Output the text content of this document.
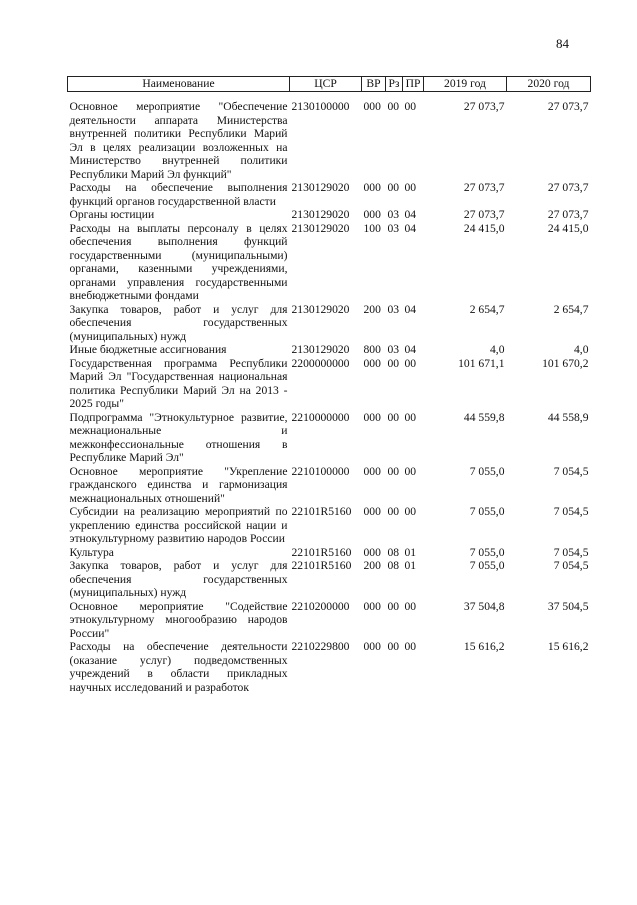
84
Наименование	ЦСР	ВР	Рз	ПР	2019 год	2020 год

Основное мероприятие "Обеспечение деятельности аппарата Министерства внутренней политики Республики Марий Эл в целях реализации возложенных на Министерство внутренней политики Республики Марий Эл функций"	2130100000	000	00	00	27 073,7	27 073,7
Расходы на обеспечение выполнения функций органов государственной власти	2130129020	000	00	00	27 073,7	27 073,7
Органы юстиции	2130129020	000	03	04	27 073,7	27 073,7
Расходы на выплаты персоналу в целях обеспечения выполнения функций государственными (муниципальными) органами, казенными учреждениями, органами управления государственными внебюджетными фондами	2130129020	100	03	04	24 415,0	24 415,0
Закупка товаров, работ и услуг для обеспечения государственных (муниципальных) нужд	2130129020	200	03	04	2 654,7	2 654,7
Иные бюджетные ассигнования	2130129020	800	03	04	4,0	4,0
Государственная программа Республики Марий Эл "Государственная национальная политика Республики Марий Эл на 2013 - 2025 годы"	2200000000	000	00	00	101 671,1	101 670,2
Подпрограмма "Этнокультурное развитие, межнациональные и межконфессиональные отношения в Республике Марий Эл"	2210000000	000	00	00	44 559,8	44 558,9
Основное мероприятие "Укрепление гражданского единства и гармонизация межнациональных отношений"	2210100000	000	00	00	7 055,0	7 054,5
Субсидии на реализацию мероприятий по укреплению единства российской нации и этнокультурному развитию народов России	22101R5160	000	00	00	7 055,0	7 054,5
Культура	22101R5160	000	08	01	7 055,0	7 054,5
Закупка товаров, работ и услуг для обеспечения государственных (муниципальных) нужд	22101R5160	200	08	01	7 055,0	7 054,5
Основное мероприятие "Содействие этнокультурному многообразию народов России"	2210200000	000	00	00	37 504,8	37 504,5
Расходы на обеспечение деятельности (оказание услуг) подведомственных учреждений в области прикладных научных исследований и разработок	2210229800	000	00	00	15 616,2	15 616,2
